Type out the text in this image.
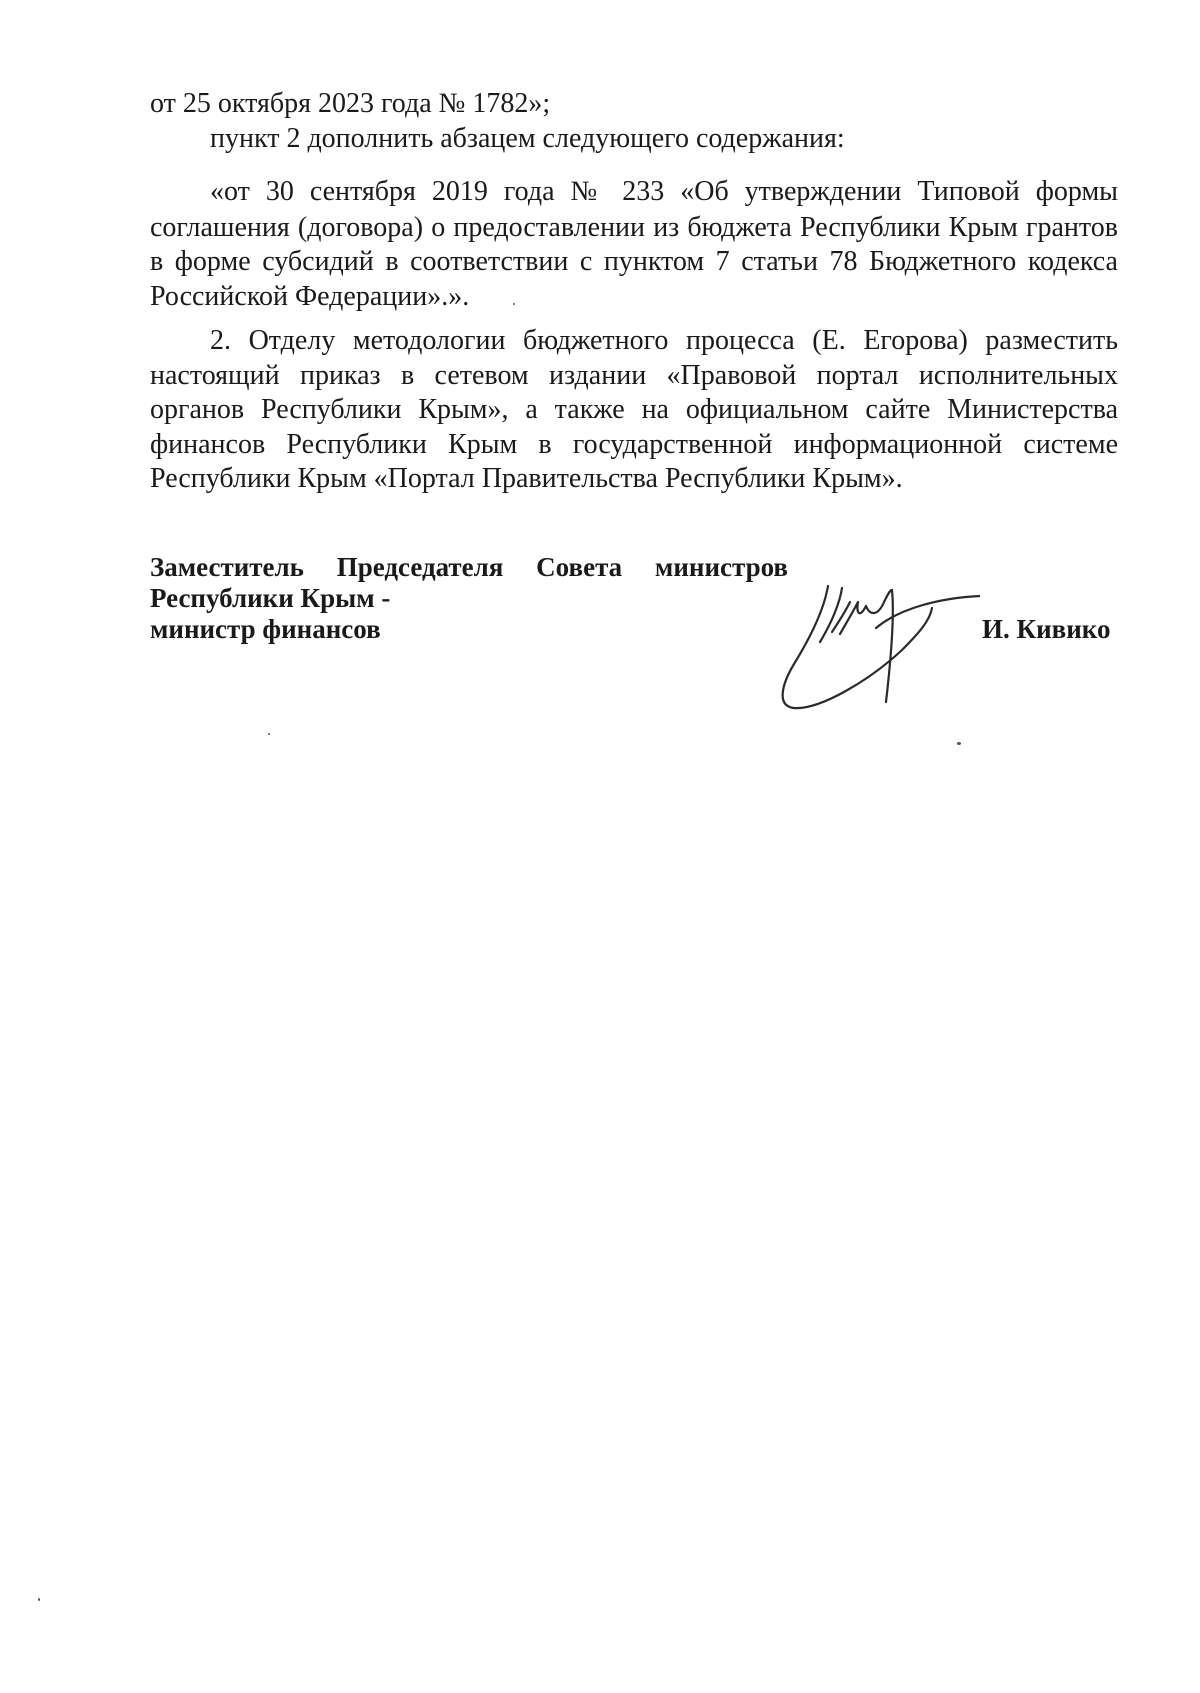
от 25 октября 2023 года № 1782»;
пункт 2 дополнить абзацем следующего содержания:
«от 30 сентября 2019 года № 233 «Об утверждении Типовой формы
соглашения (договора) о предоставлении из бюджета Республики Крым грантов
в форме субсидий в соответствии с пунктом 7 статьи 78 Бюджетного кодекса
Российской Федерации».».
2. Отделу методологии бюджетного процесса (Е. Егорова) разместить
настоящий приказ в сетевом издании «Правовой портал исполнительных
органов Республики Крым», а также на официальном сайте Министерства
финансов Республики Крым в государственной информационной системе
Республики Крым «Портал Правительства Республики Крым».
Заместитель Председателя Совета министров
Республики Крым -
министр финансов	И. Кивико
